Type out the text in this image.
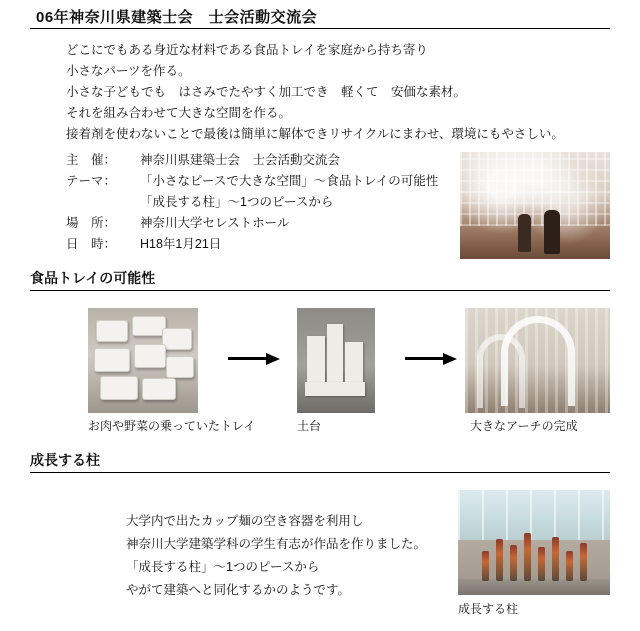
06年神奈川県建築士会　士会活動交流会

どこにでもある身近な材料である食品トレイを家庭から持ち寄り

小さなパーツを作る。

小さな子どもでも　はさみでたやすく加工でき　軽くて　安価な素材。

それを組み合わせて大きな空間を作る。

接着剤を使わないことで最後は簡単に解体できリサイクルにまわせ、環境にもやさしい。

主　催：	神奈川県建築士会　士会活動交流会
テーマ：	「小さなピースで大きな空間」〜食品トレイの可能性
「成長する柱」〜1つのピースから
場　所：	神奈川大学セレストホール
日　時：	H18年1月21日
食品トレイの可能性
お肉や野菜の乗っていたトレイ	土台	大きなアーチの完成
成長する柱

大学内で出たカップ麺の空き容器を利用し

神奈川大学建築学科の学生有志が作品を作りました。

「成長する柱」〜1つのピースから

やがて建築へと同化するかのようです。

成長する柱
